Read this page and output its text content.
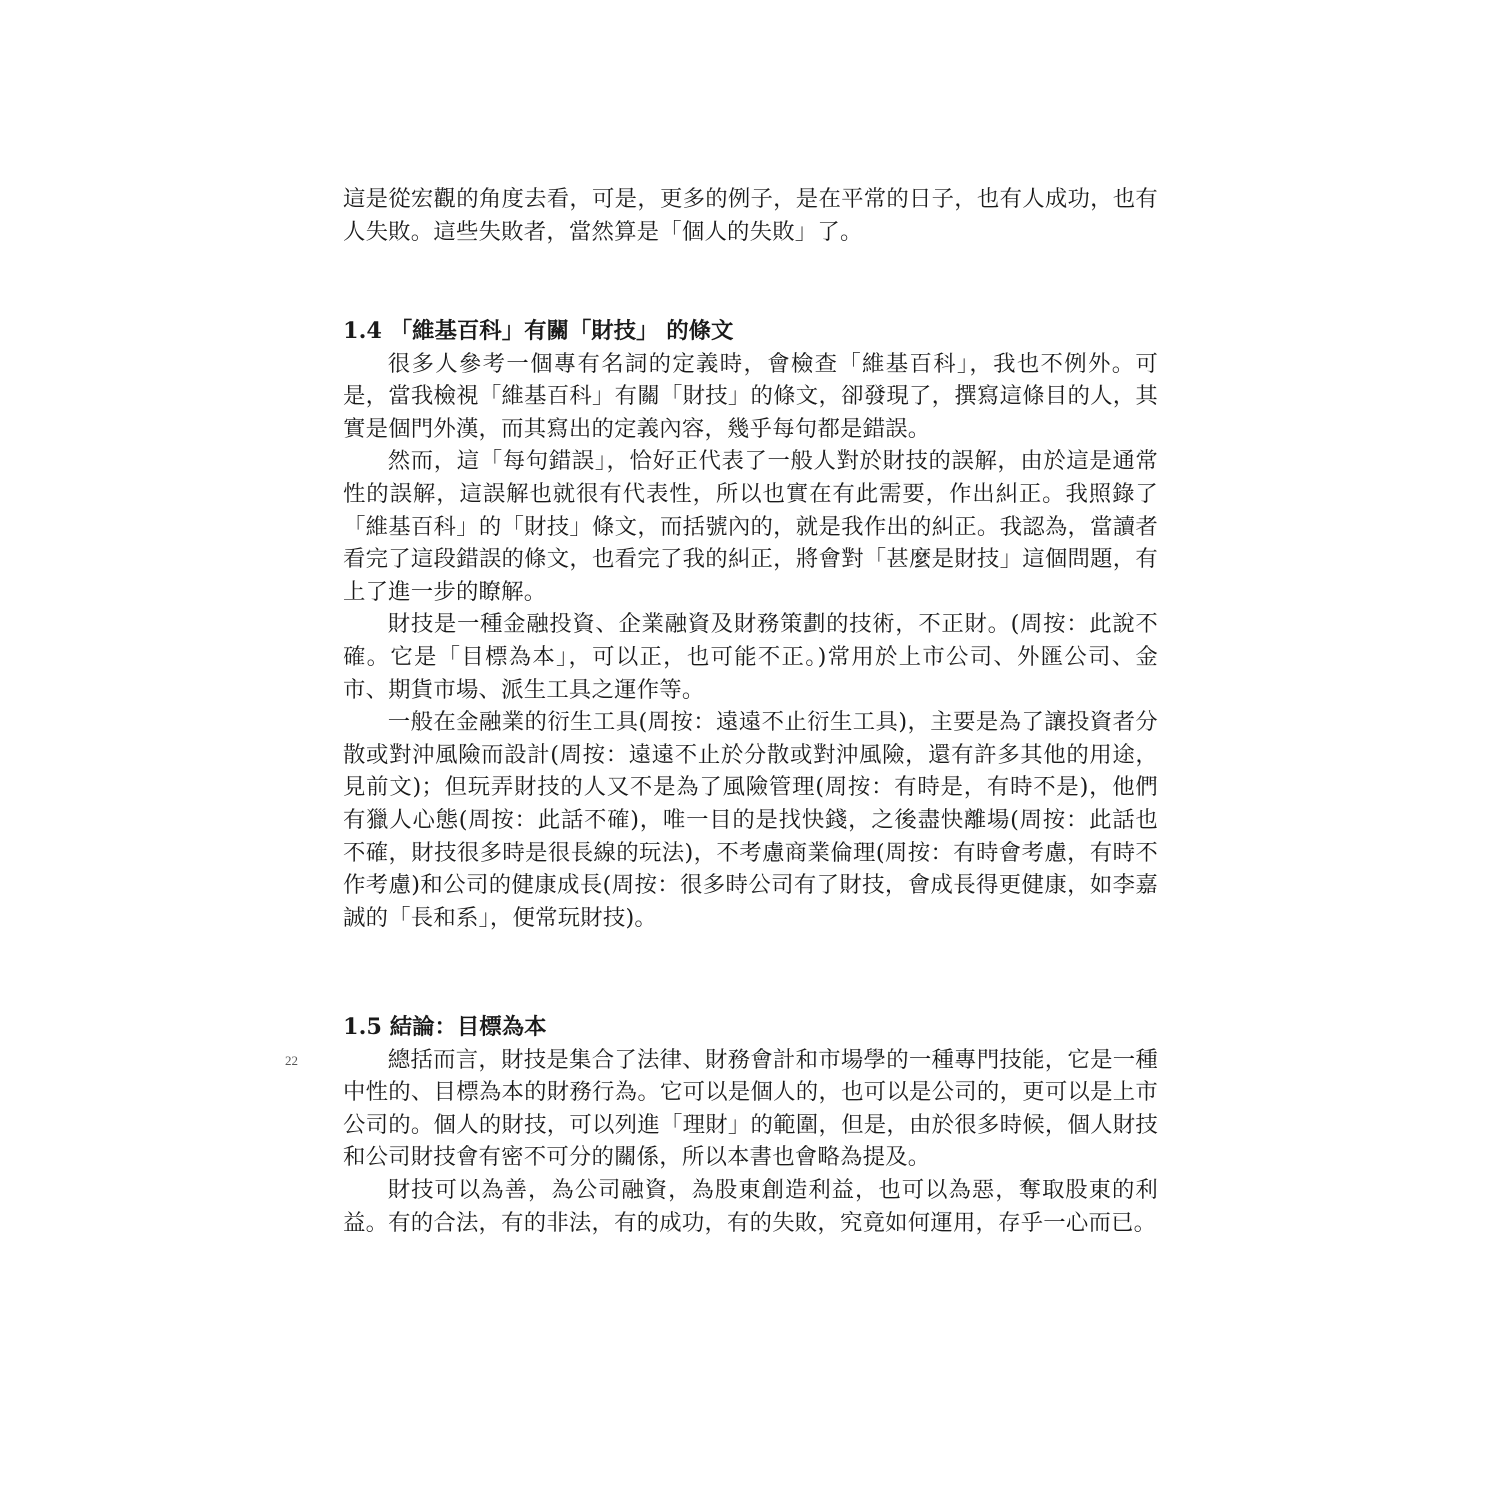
這是從宏觀的角度去看，可是，更多的例子，是在平常的日子，也有人成功，也有人失敗。這些失敗者，當然算是「個人的失敗」了。

1.4 「維基百科」有關「財技」 的條文

很多人參考一個專有名詞的定義時，會檢查「維基百科」，我也不例外。可是，當我檢視「維基百科」有關「財技」的條文，卻發現了，撰寫這條目的人，其實是個門外漢，而其寫出的定義內容，幾乎每句都是錯誤。

然而，這「每句錯誤」，恰好正代表了一般人對於財技的誤解，由於這是通常性的誤解，這誤解也就很有代表性，所以也實在有此需要，作出糾正。我照錄了「維基百科」的「財技」條文，而括號內的，就是我作出的糾正。我認為，當讀者看完了這段錯誤的條文，也看完了我的糾正，將會對「甚麼是財技」這個問題，有上了進一步的瞭解。

財技是一種金融投資、企業融資及財務策劃的技術，不正財。(周按：此說不確。它是「目標為本」，可以正，也可能不正。)常用於上市公司、外匯公司、金市、期貨市場、派生工具之運作等。

一般在金融業的衍生工具(周按：遠遠不止衍生工具)，主要是為了讓投資者分散或對沖風險而設計(周按：遠遠不止於分散或對沖風險，還有許多其他的用途，見前文)；但玩弄財技的人又不是為了風險管理(周按：有時是，有時不是)，他們有獵人心態(周按：此話不確)，唯一目的是找快錢，之後盡快離場(周按：此話也不確，財技很多時是很長線的玩法)，不考慮商業倫理(周按：有時會考慮，有時不作考慮)和公司的健康成長(周按：很多時公司有了財技，會成長得更健康，如李嘉誠的「長和系」，便常玩財技)。

1.5 結論：目標為本

總括而言，財技是集合了法律、財務會計和市場學的一種專門技能，它是一種中性的、目標為本的財務行為。它可以是個人的，也可以是公司的，更可以是上市公司的。個人的財技，可以列進「理財」的範圍，但是，由於很多時候，個人財技和公司財技會有密不可分的關係，所以本書也會略為提及。

財技可以為善，為公司融資，為股東創造利益，也可以為惡，奪取股東的利益。有的合法，有的非法，有的成功，有的失敗，究竟如何運用，存乎一心而已。

22
